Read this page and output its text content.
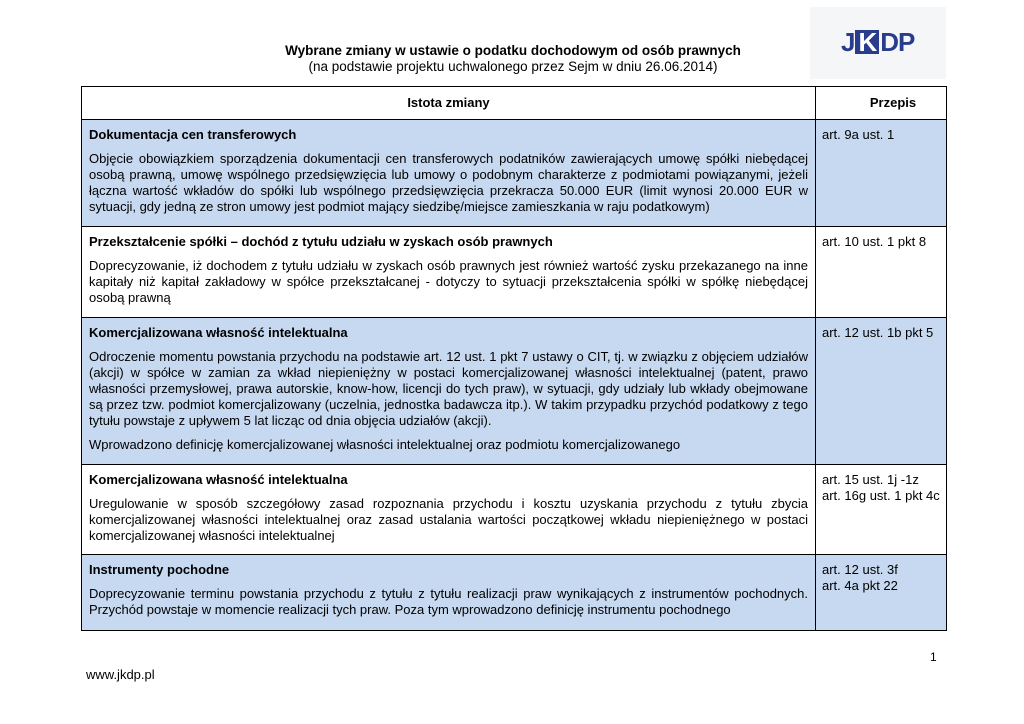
J K DP
Wybrane zmiany w ustawie o podatku dochodowym od osób prawnych
(na podstawie projektu uchwalonego przez Sejm w dniu 26.06.2014)
Istota zmiany	Przepis
Dokumentacja cen transferowych

Objęcie obowiązkiem sporządzenia dokumentacji cen transferowych podatników zawierających umowę spółki niebędącej osobą prawną, umowę wspólnego przedsięwzięcia lub umowy o podobnym charakterze z podmiotami powiązanymi, jeżeli łączna wartość wkładów do spółki lub wspólnego przedsięwzięcia przekracza 50.000 EUR (limit wynosi 20.000 EUR w sytuacji, gdy jedną ze stron umowy jest podmiot mający siedzibę/miejsce zamieszkania w raju podatkowym)

art. 9a ust. 1
Przekształcenie spółki – dochód z tytułu udziału w zyskach osób prawnych

Doprecyzowanie, iż dochodem z tytułu udziału w zyskach osób prawnych jest również wartość zysku przekazanego na inne kapitały niż kapitał zakładowy w spółce przekształcanej - dotyczy to sytuacji przekształcenia spółki w spółkę niebędącej osobą prawną

art. 10 ust. 1 pkt 8
Komercjalizowana własność intelektualna

Odroczenie momentu powstania przychodu na podstawie art. 12 ust. 1 pkt 7 ustawy o CIT, tj. w związku z objęciem udziałów (akcji) w spółce w zamian za wkład niepieniężny w postaci komercjalizowanej własności intelektualnej (patent, prawo własności przemysłowej, prawa autorskie, know-how, licencji do tych praw), w sytuacji, gdy udziały lub wkłady obejmowane są przez tzw. podmiot komercjalizowany (uczelnia, jednostka badawcza itp.). W takim przypadku przychód podatkowy z tego tytułu powstaje z upływem 5 lat licząc od dnia objęcia udziałów (akcji).

Wprowadzono definicję komercjalizowanej własności intelektualnej oraz podmiotu komercjalizowanego

art. 12 ust. 1b pkt 5
Komercjalizowana własność intelektualna

Uregulowanie w sposób szczegółowy zasad rozpoznania przychodu i kosztu uzyskania przychodu z tytułu zbycia komercjalizowanej własności intelektualnej oraz zasad ustalania wartości początkowej wkładu niepieniężnego w postaci komercjalizowanej własności intelektualnej

art. 15 ust. 1j -1z
art. 16g ust. 1 pkt 4c
Instrumenty pochodne

Doprecyzowanie terminu powstania przychodu z tytułu z tytułu realizacji praw wynikających z instrumentów pochodnych. Przychód powstaje w momencie realizacji tych praw. Poza tym wprowadzono definicję instrumentu pochodnego

art. 12 ust. 3f
art. 4a pkt 22
1
www.jkdp.pl
